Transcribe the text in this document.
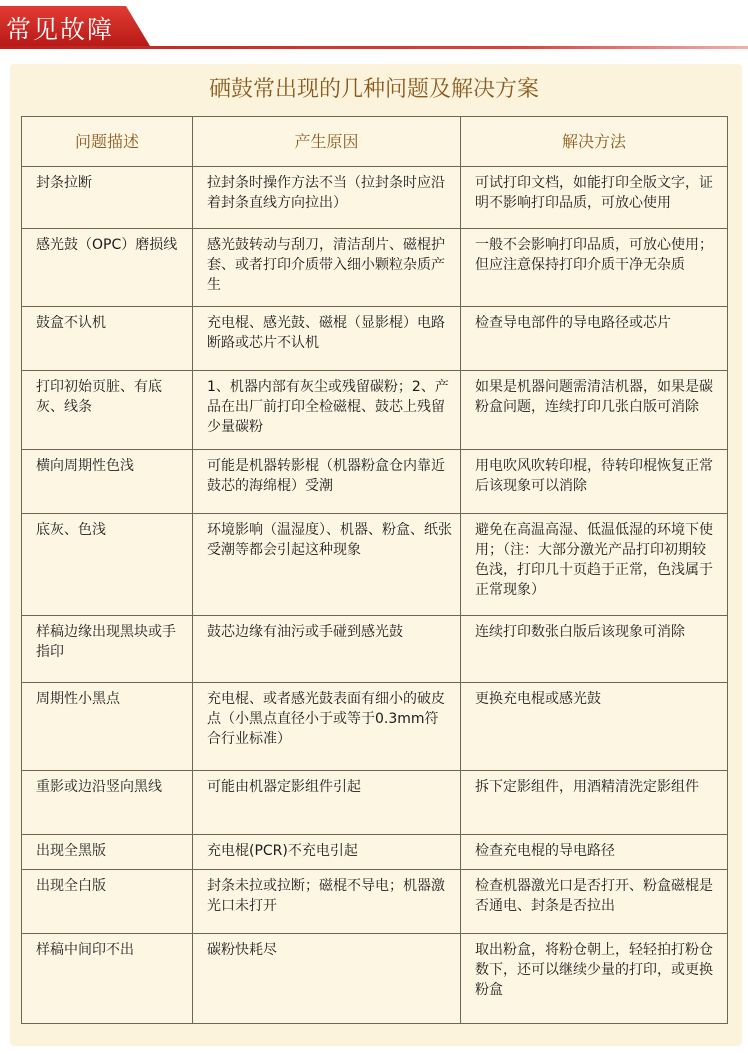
常见故障
硒鼓常出现的几种问题及解决方案
问题描述	产生原因	解决方法
封条拉断	拉封条时操作方法不当（拉封条时应沿着封条直线方向拉出）	可试打印文档，如能打印全版文字，证明不影响打印品质，可放心使用
感光鼓（OPC）磨损线	感光鼓转动与刮刀，清洁刮片、磁棍护套、或者打印介质带入细小颗粒杂质产生	一般不会影响打印品质，可放心使用；但应注意保持打印介质干净无杂质
鼓盒不认机	充电棍、感光鼓、磁棍（显影棍）电路断路或芯片不认机	检查导电部件的导电路径或芯片
打印初始页脏、有底灰、线条	1、机器内部有灰尘或残留碳粉；2、产品在出厂前打印全检磁棍、鼓芯上残留少量碳粉	如果是机器问题需清洁机器，如果是碳粉盒问题，连续打印几张白版可消除
横向周期性色浅	可能是机器转影棍（机器粉盒仓内靠近鼓芯的海绵棍）受潮	用电吹风吹转印棍，待转印棍恢复正常后该现象可以消除
底灰、色浅	环境影响（温湿度）、机器、粉盒、纸张受潮等都会引起这种现象	避免在高温高湿、低温低湿的环境下使用；（注：大部分激光产品打印初期较色浅，打印几十页趋于正常，色浅属于正常现象）
样稿边缘出现黑块或手指印	鼓芯边缘有油污或手碰到感光鼓	连续打印数张白版后该现象可消除
周期性小黑点	充电棍、或者感光鼓表面有细小的破皮点（小黑点直径小于或等于0.3mm符合行业标准）	更换充电棍或感光鼓
重影或边沿竖向黑线	可能由机器定影组件引起	拆下定影组件，用酒精清洗定影组件
出现全黑版	充电棍(PCR)不充电引起	检查充电棍的导电路径
出现全白版	封条未拉或拉断；磁棍不导电；机器激光口未打开	检查机器激光口是否打开、粉盒磁棍是否通电、封条是否拉出
样稿中间印不出	碳粉快耗尽	取出粉盒，将粉仓朝上，轻轻拍打粉仓数下，还可以继续少量的打印，或更换粉盒
